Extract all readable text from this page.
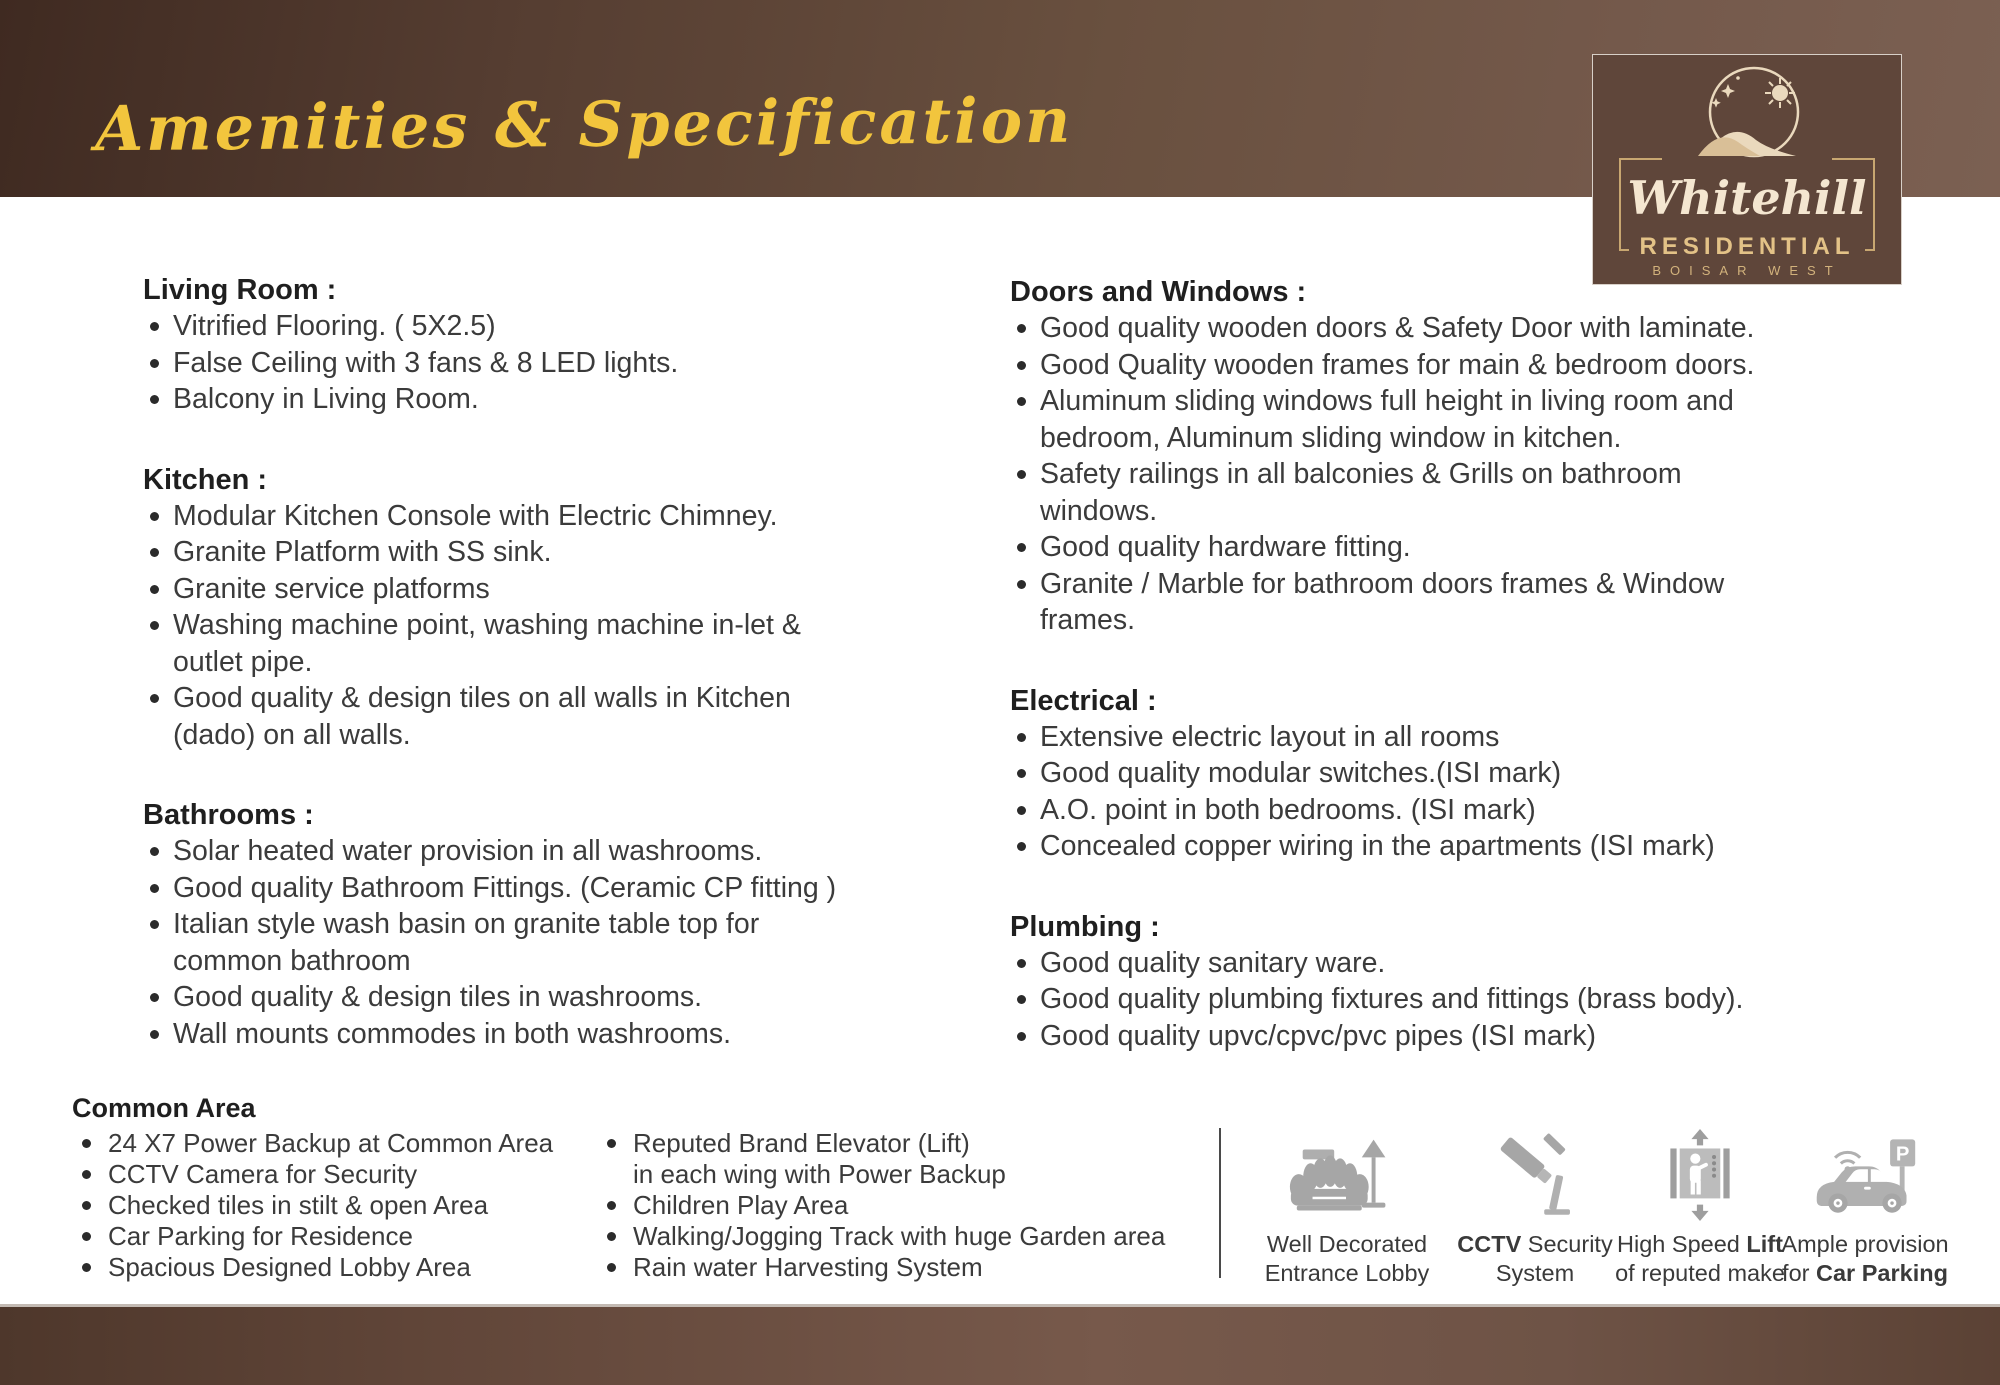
Amenities & Specification
Whitehill
RESIDENTIAL
BOISAR WEST
Living Room :
Vitrified Flooring. ( 5X2.5)
False Ceiling with 3 fans & 8 LED lights.
Balcony in Living Room.
Kitchen :
Modular Kitchen Console with Electric Chimney.
Granite Platform with SS sink.
Granite service platforms
Washing machine point, washing machine in-let &
outlet pipe.
Good quality & design tiles on all walls in Kitchen
(dado) on all walls.
Bathrooms :
Solar heated water provision in all washrooms.
Good quality Bathroom Fittings. (Ceramic CP fitting )
Italian style wash basin on granite table top for
common bathroom
Good quality & design tiles in washrooms.
Wall mounts commodes in both washrooms.
Doors and Windows :
Good quality wooden doors & Safety Door with laminate.
Good Quality wooden frames for main & bedroom doors.
Aluminum sliding windows full height in living room and
bedroom, Aluminum sliding window in kitchen.
Safety railings in all balconies & Grills on bathroom
windows.
Good quality hardware fitting.
Granite / Marble for bathroom doors frames & Window
frames.
Electrical :
Extensive electric layout in all rooms
Good quality modular switches.(ISI mark)
A.O. point in both bedrooms. (ISI mark)
Concealed copper wiring in the apartments (ISI mark)
Plumbing :
Good quality sanitary ware.
Good quality plumbing fixtures and fittings (brass body).
Good quality upvc/cpvc/pvc pipes (ISI mark)
Common Area
24 X7 Power Backup at Common Area
CCTV Camera for Security
Checked tiles in stilt & open Area
Car Parking for Residence
Spacious Designed Lobby Area
Reputed Brand Elevator (Lift)
in each wing with Power Backup
Children Play Area
Walking/Jogging Track with huge Garden area
Rain water Harvesting System
Well Decorated
Entrance Lobby
CCTV Security
System
High Speed Lift
of reputed make
P
Ample provision
for Car Parking
